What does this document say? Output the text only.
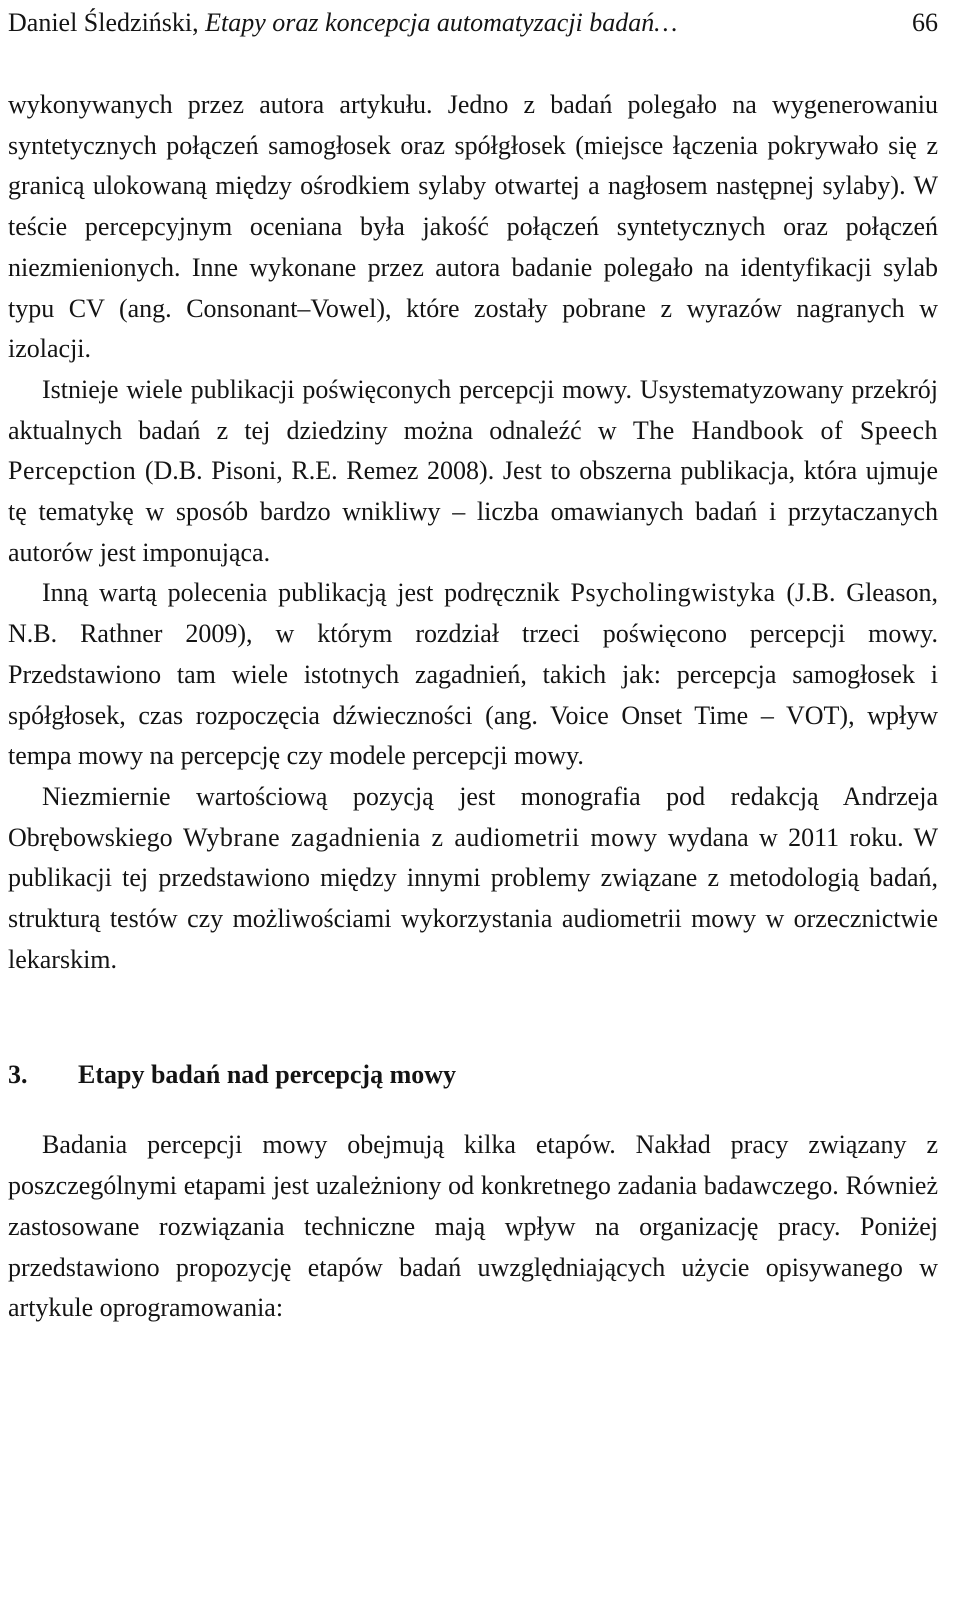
Daniel Śledziński, Etapy oraz koncepcja automatyzacji badań…	66

wykonywanych przez autora artykułu. Jedno z badań polegało na wygenerowaniu syntetycznych połączeń samogłosek oraz spółgłosek (miejsce łączenia pokrywało się z granicą ulokowaną między ośrodkiem sylaby otwartej a nagłosem następnej sylaby). W teście percepcyjnym oceniana była jakość połączeń syntetycznych oraz połączeń niezmienionych. Inne wykonane przez autora badanie polegało na identyfikacji sylab typu CV (ang. Consonant–Vowel), które zostały pobrane z wyrazów nagranych w izolacji.

Istnieje wiele publikacji poświęconych percepcji mowy. Usystematyzowany przekrój aktualnych badań z tej dziedziny można odnaleźć w The Handbook of Speech Percepction (D.B. Pisoni, R.E. Remez 2008). Jest to obszerna publikacja, która ujmuje tę tematykę w sposób bardzo wnikliwy – liczba omawianych badań i przytaczanych autorów jest imponująca.

Inną wartą polecenia publikacją jest podręcznik Psycholingwistyka (J.B. Gleason, N.B. Rathner 2009), w którym rozdział trzeci poświęcono percepcji mowy. Przedstawiono tam wiele istotnych zagadnień, takich jak: percepcja samogłosek i spółgłosek, czas rozpoczęcia dźwieczności (ang. Voice Onset Time – VOT), wpływ tempa mowy na percepcję czy modele percepcji mowy.

Niezmiernie wartościową pozycją jest monografia pod redakcją Andrzeja Obrębowskiego Wybrane zagadnienia z audiometrii mowy wydana w 2011 roku. W publikacji tej przedstawiono między innymi problemy związane z metodologią badań, strukturą testów czy możliwościami wykorzystania audiometrii mowy w orzecznictwie lekarskim.

3. Etapy badań nad percepcją mowy

Badania percepcji mowy obejmują kilka etapów. Nakład pracy związany z poszczególnymi etapami jest uzależniony od konkretnego zadania badawczego. Również zastosowane rozwiązania techniczne mają wpływ na organizację pracy. Poniżej przedstawiono propozycję etapów badań uwzględniających użycie opisywanego w artykule oprogramowania:
